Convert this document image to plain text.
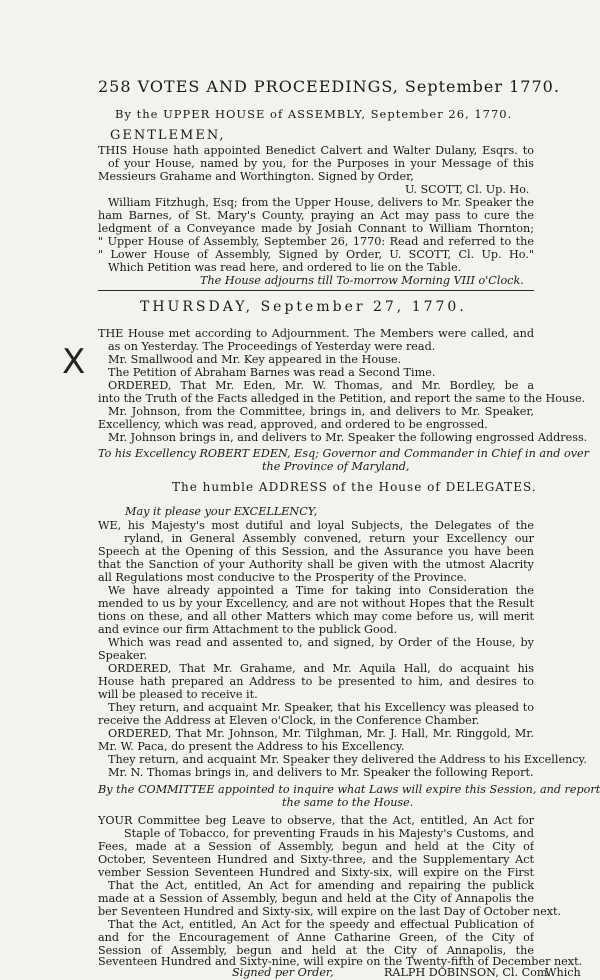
258 VOTES AND PROCEEDINGS, September 1770.
By the UPPER HOUSE of ASSEMBLY, September 26, 1770.
GENTLEMEN,
THIS House hath appointed Benedict Calvert and Walter Dulany, Esqrs. to
of your House, named by you, for the Purposes in your Message of this
Messieurs Grahame and Worthington. Signed by Order,
U. SCOTT, Cl. Up. Ho.
William Fitzhugh, Esq; from the Upper House, delivers to Mr. Speaker the
ham Barnes, of St. Mary's County, praying an Act may pass to cure the
ledgment of a Conveyance made by Josiah Connant to William Thornton;
" Upper House of Assembly, September 26, 1770: Read and referred to the
" Lower House of Assembly, Signed by Order, U. SCOTT, Cl. Up. Ho."
Which Petition was read here, and ordered to lie on the Table.
The House adjourns till To-morrow Morning VIII o'Clock.
THURSDAY, September 27, 1770.
X
THE House met according to Adjournment. The Members were called, and
as on Yesterday. The Proceedings of Yesterday were read.
Mr. Smallwood and Mr. Key appeared in the House.
The Petition of Abraham Barnes was read a Second Time.
ORDERED, That Mr. Eden, Mr. W. Thomas, and Mr. Bordley, be a
into the Truth of the Facts alledged in the Petition, and report the same to the House.
Mr. Johnson, from the Committee, brings in, and delivers to Mr. Speaker,
Excellency, which was read, approved, and ordered to be engrossed.
Mr. Johnson brings in, and delivers to Mr. Speaker the following engrossed Address.
To his Excellency ROBERT EDEN, Esq; Governor and Commander in Chief in and over
the Province of Maryland,
The humble ADDRESS of the House of DELEGATES.
May it please your EXCELLENCY,
WE, his Majesty's most dutiful and loyal Subjects, the Delegates of the
ryland, in General Assembly convened, return your Excellency our
Speech at the Opening of this Session, and the Assurance you have been
that the Sanction of your Authority shall be given with the utmost Alacrity
all Regulations most conducive to the Prosperity of the Province.
We have already appointed a Time for taking into Consideration the
mended to us by your Excellency, and are not without Hopes that the Result
tions on these, and all other Matters which may come before us, will merit
and evince our firm Attachment to the publick Good.
Which was read and assented to, and signed, by Order of the House, by
Speaker.
ORDERED, That Mr. Grahame, and Mr. Aquila Hall, do acquaint his
House hath prepared an Address to be presented to him, and desires to
will be pleased to receive it.
They return, and acquaint Mr. Speaker, that his Excellency was pleased to
receive the Address at Eleven o'Clock, in the Conference Chamber.
ORDERED, That Mr. Johnson, Mr. Tilghman, Mr. J. Hall, Mr. Ringgold, Mr.
Mr. W. Paca, do present the Address to his Excellency.
They return, and acquaint Mr. Speaker they delivered the Address to his Excellency.
Mr. N. Thomas brings in, and delivers to Mr. Speaker the following Report.
By the COMMITTEE appointed to inquire what Laws will expire this Session, and report
the same to the House.
YOUR Committee beg Leave to observe, that the Act, entitled, An Act for
Staple of Tobacco, for preventing Frauds in his Majesty's Customs, and
Fees, made at a Session of Assembly, begun and held at the City of
October, Seventeen Hundred and Sixty-three, and the Supplementary Act
vember Session Seventeen Hundred and Sixty-six, will expire on the First
That the Act, entitled, An Act for amending and repairing the publick
made at a Session of Assembly, begun and held at the City of Annapolis the
ber Seventeen Hundred and Sixty-six, will expire on the last Day of October next.
That the Act, entitled, An Act for the speedy and effectual Publication of
and for the Encouragement of Anne Catharine Green, of the City of
Session of Assembly, begun and held at the City of Annapolis, the
Seventeen Hundred and Sixty-nine, will expire on the Twenty-fifth of December next.
Signed per Order,	RALPH DOBINSON, Cl. Com.
Which
